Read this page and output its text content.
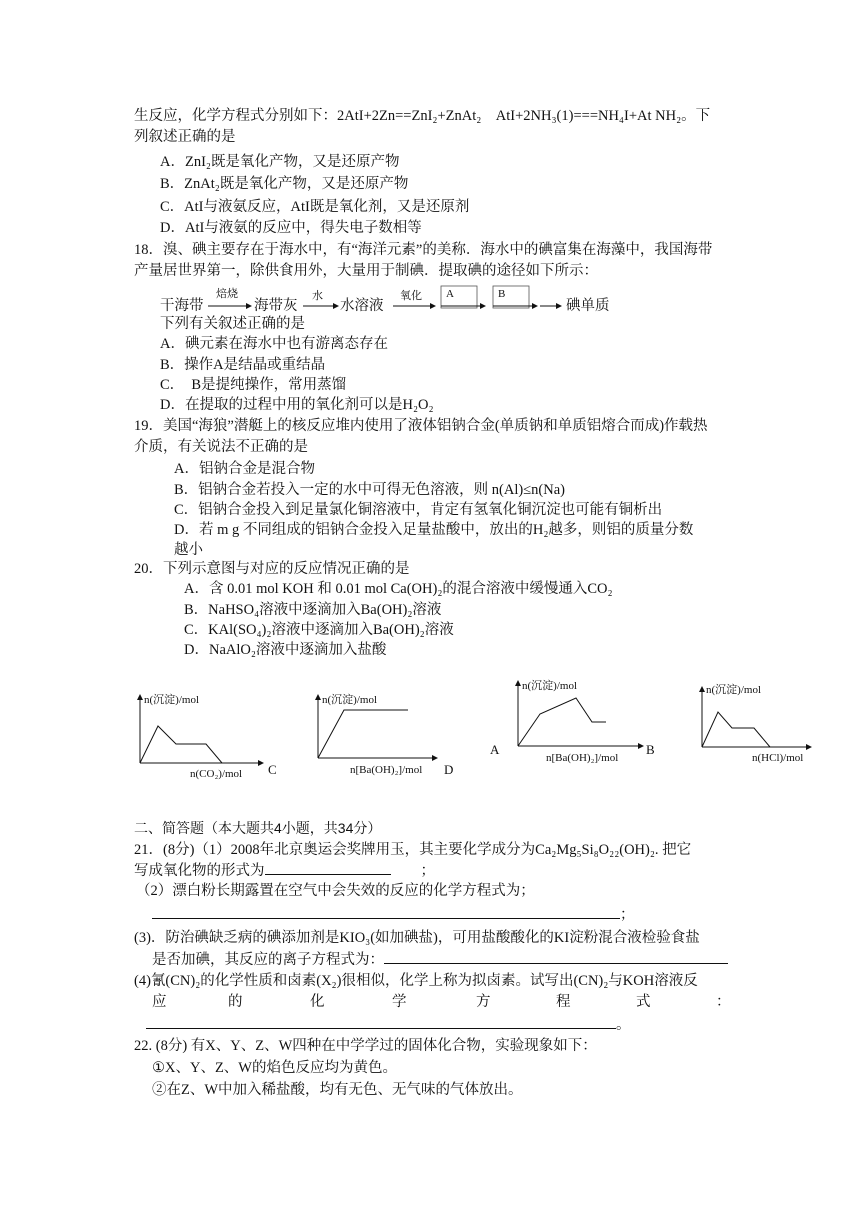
生反应，化学方程式分别如下：2AtI+2Zn==ZnI₂+ZnAt₂　AtI+2NH₃(1)===NH₄I+At NH₂。下
列叙述正确的是
A．ZnI₂既是氧化产物，又是还原产物
B．ZnAt₂既是氧化产物，又是还原产物
C．AtI与液氨反应，AtI既是氧化剂，又是还原剂
D．AtI与液氨的反应中，得失电子数相等
18．溴、碘主要存在于海水中，有“海洋元素”的美称．海水中的碘富集在海藻中，我国海带
产量居世界第一，除供食用外，大量用于制碘．提取碘的途径如下所示：
干海带
焙烧
海带灰
水
水溶液
氧化 A	B
碘单质
下列有关叙述正确的是
A．碘元素在海水中也有游离态存在
B．操作A是结晶或重结晶
C．　B是提纯操作，常用蒸馏
D．在提取的过程中用的氧化剂可以是H₂O₂
19．美国“海狼”潜艇上的核反应堆内使用了液体铝钠合金(单质钠和单质铝熔合而成)作载热
介质，有关说法不正确的是
A．铝钠合金是混合物
B．铝钠合金若投入一定的水中可得无色溶液，则 n(Al)≤n(Na)
C．铝钠合金投入到足量氯化铜溶液中，肯定有氢氧化铜沉淀也可能有铜析出
D．若 m g 不同组成的铝钠合金投入足量盐酸中，放出的H₂越多，则铝的质量分数
越小
20．下列示意图与对应的反应情况正确的是
A．含 0.01 mol KOH 和 0.01 mol Ca(OH)₂的混合溶液中缓慢通入CO₂
B．NaHSO₄溶液中逐滴加入Ba(OH)₂溶液
C．KAl(SO₄)₂溶液中逐滴加入Ba(OH)₂溶液
D．NaAlO₂溶液中逐滴加入盐酸
n(沉淀)/mol
n(CO₂)/mol C
n(沉淀)/mol
n[Ba(OH)₂]/mol D
A
n(沉淀)/mol
n[Ba(OH)₂]/mol
B
n(沉淀)/mol
n(HCl)/mol
二、简答题（本大题共4小题，共34分）
21．(8分)（1）2008年北京奥运会奖牌用玉，其主要化学成分为Ca₂Mg₅Si₈O₂₂(OH)₂. 把它
写成氧化物的形式为	；
（2）漂白粉长期露置在空气中会失效的反应的化学方程式为；
；
(3)．防治碘缺乏病的碘添加剂是KIO₃(如加碘盐)，可用盐酸酸化的KI淀粉混合液检验食盐
是否加碘，其反应的离子方程式为：
(4)氰(CN)₂的化学性质和卤素(X₂)很相似，化学上称为拟卤素。试写出(CN)₂与KOH溶液反
应	的	化	学	方	程	式	：
。
22. (8分) 有X、Y、Z、W四种在中学学过的固体化合物，实验现象如下：
①X、Y、Z、W的焰色反应均为黄色。
②在Z、W中加入稀盐酸，均有无色、无气味的气体放出。
